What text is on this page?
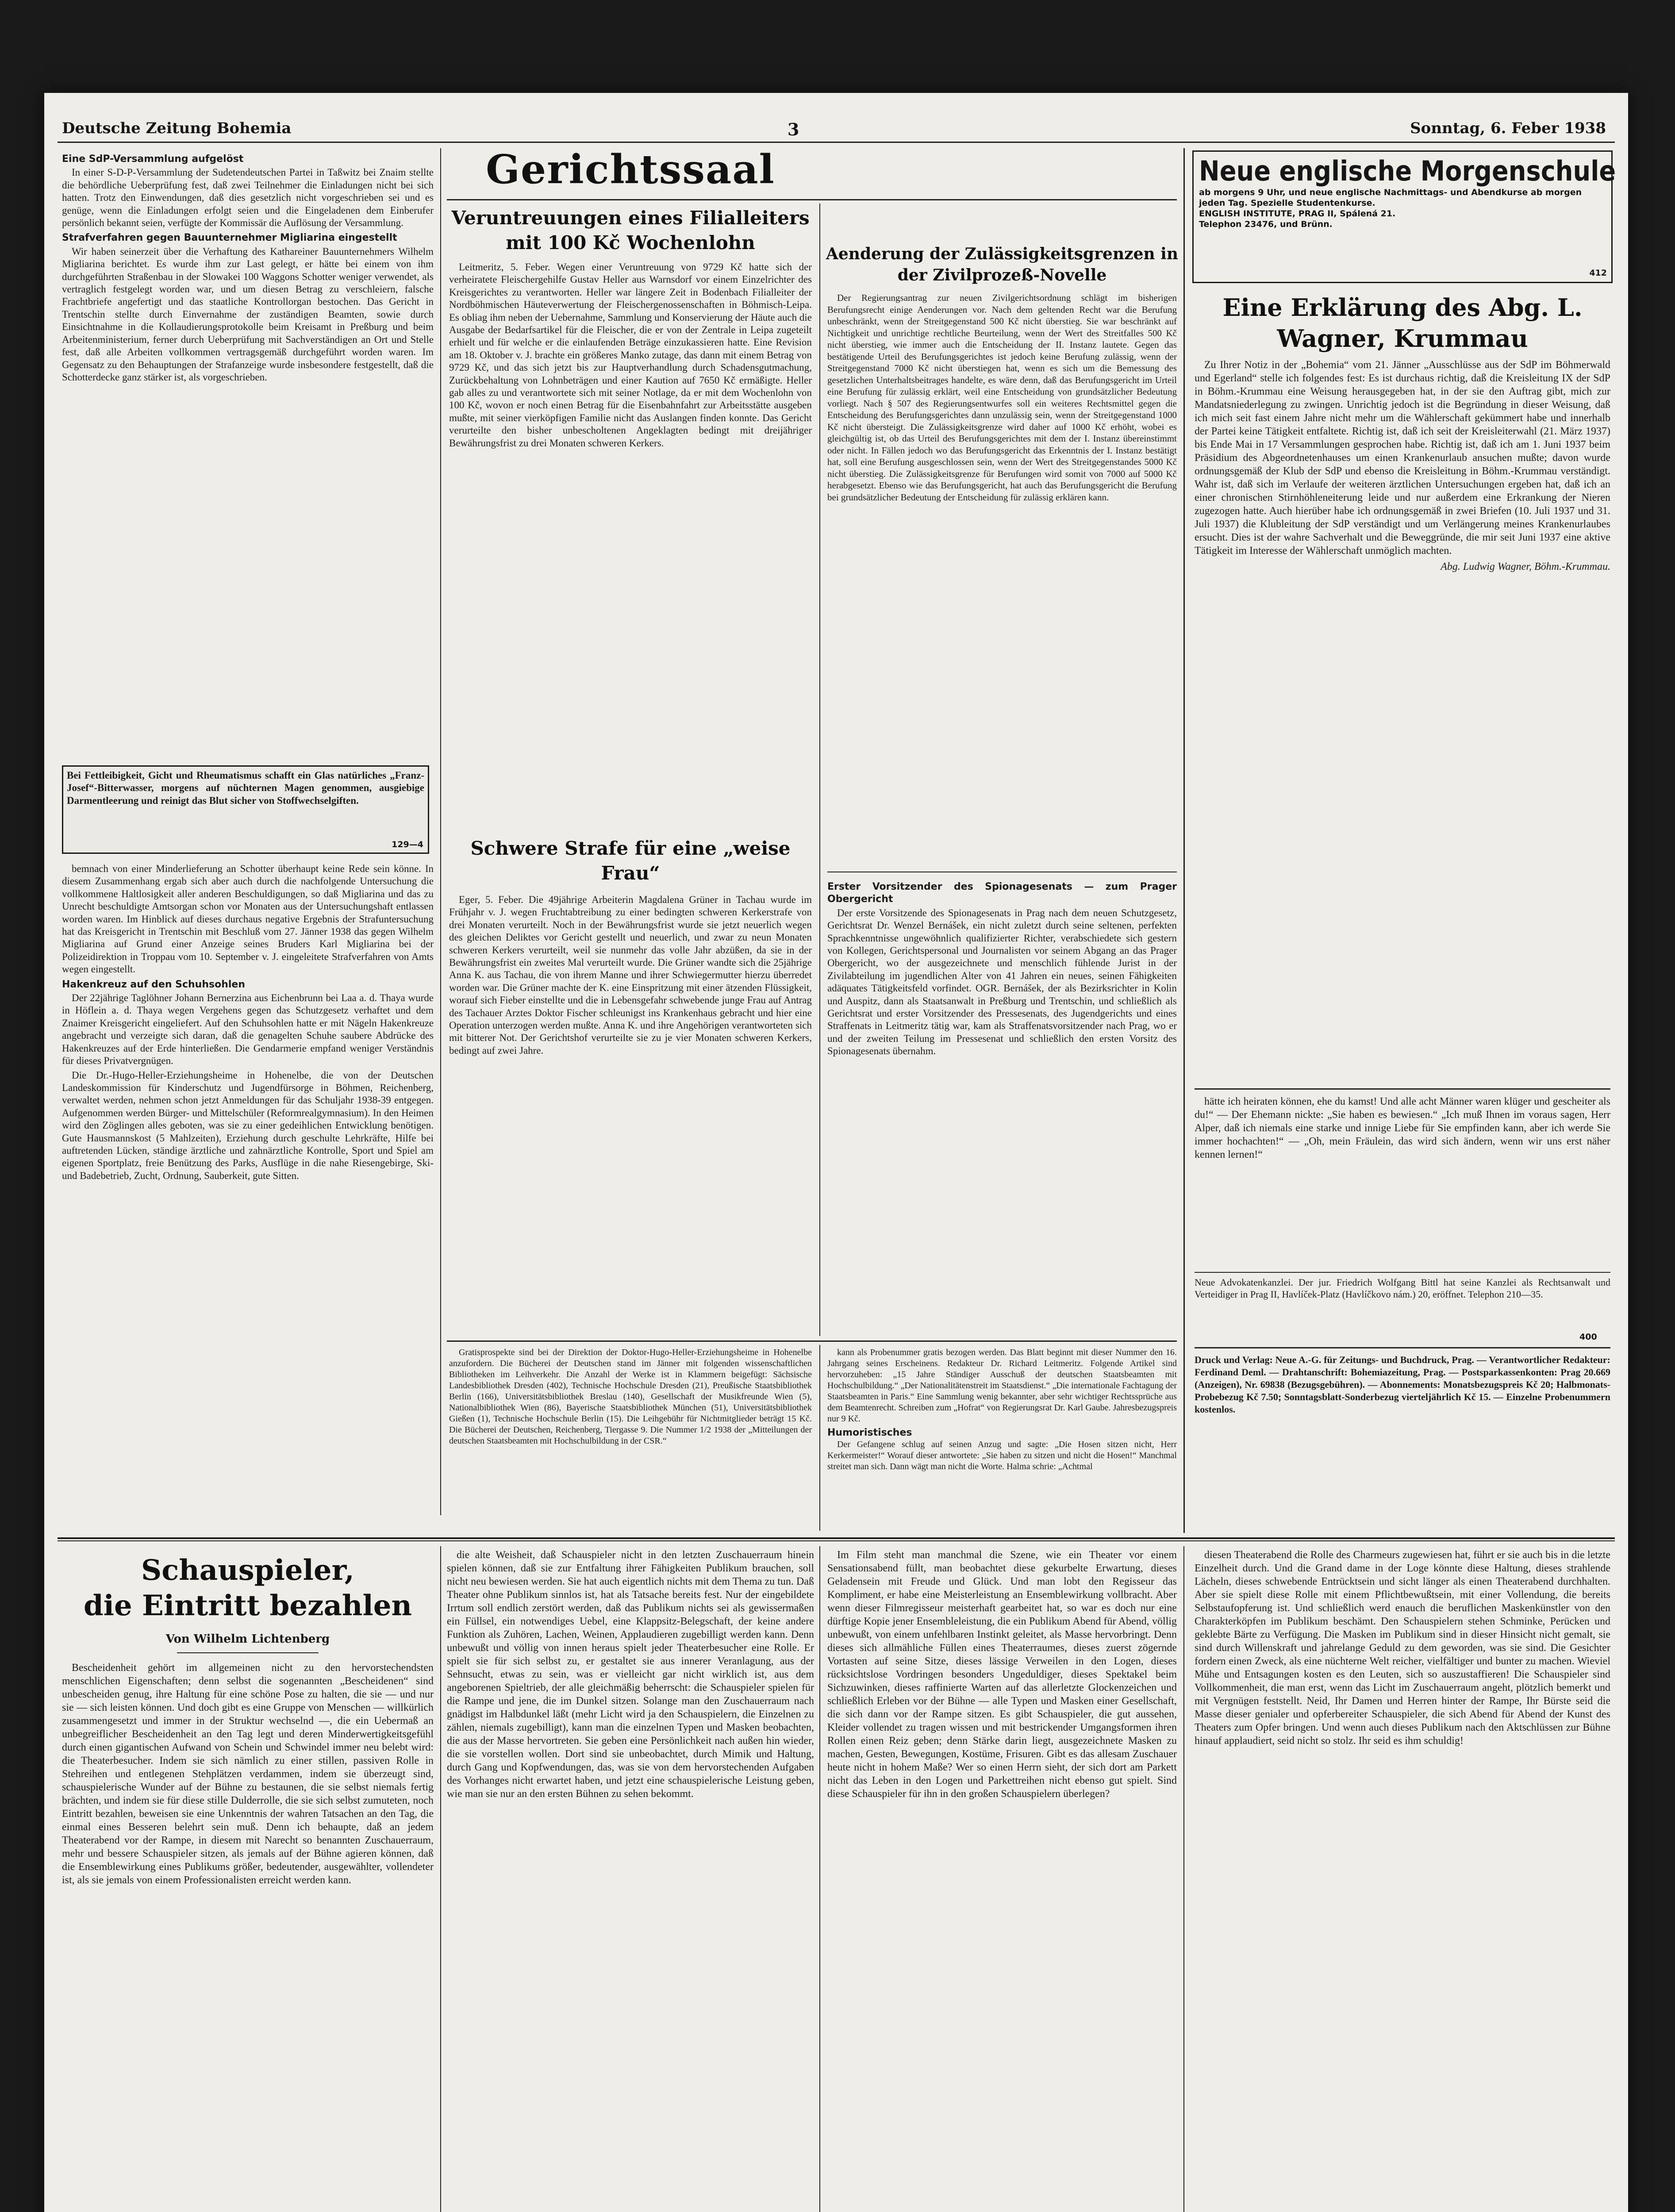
Deutsche Zeitung Bohemia	3	Sonntag, 6. Feber 1938
Eine SdP-Versammlung aufgelöst

In einer S-D-P-Versammlung der Sudetendeutschen Partei in Taßwitz bei Znaim stellte die behördliche Ueberprüfung fest, daß zwei Teilnehmer die Einladungen nicht bei sich hatten. Trotz den Einwendungen, daß dies gesetzlich nicht vorgeschrieben sei und es genüge, wenn die Einladungen erfolgt seien und die Eingeladenen dem Einberufer persönlich bekannt seien, verfügte der Kommissär die Auflösung der Versammlung.

Strafverfahren gegen Bauunternehmer Migliarina eingestellt

Wir haben seinerzeit über die Verhaftung des Kathareiner Bauunternehmers Wilhelm Migliarina berichtet. Es wurde ihm zur Last gelegt, er hätte bei einem von ihm durchgeführten Straßenbau in der Slowakei 100 Waggons Schotter weniger verwendet, als vertraglich festgelegt worden war, und um diesen Betrag zu verschleiern, falsche Frachtbriefe angefertigt und das staatliche Kontrollorgan bestochen. Das Gericht in Trentschin stellte durch Einvernahme der zuständigen Beamten, sowie durch Einsichtnahme in die Kollaudierungsprotokolle beim Kreisamt in Preßburg und beim Arbeitenministerium, ferner durch Ueberprüfung mit Sachverständigen an Ort und Stelle fest, daß alle Arbeiten vollkommen vertragsgemäß durchgeführt worden waren. Im Gegensatz zu den Behauptungen der Strafanzeige wurde insbesondere festgestellt, daß die Schotterdecke ganz stärker ist, als vorgeschrieben.

Bei Fettleibigkeit, Gicht und Rheumatismus schafft ein Glas natürliches „Franz-Josef“-Bitterwasser, morgens auf nüchternen Magen genommen, ausgiebige Darmentleerung und reinigt das Blut sicher von Stoffwechselgiften.
129—4

bemnach von einer Minderlieferung an Schotter überhaupt keine Rede sein könne. In diesem Zusammenhang ergab sich aber auch durch die nachfolgende Untersuchung die vollkommene Haltlosigkeit aller anderen Beschuldigungen, so daß Migliarina und das zu Unrecht beschuldigte Amtsorgan schon vor Monaten aus der Untersuchungshaft entlassen worden waren. Im Hinblick auf dieses durchaus negative Ergebnis der Strafuntersuchung hat das Kreisgericht in Trentschin mit Beschluß vom 27. Jänner 1938 das gegen Wilhelm Migliarina auf Grund einer Anzeige seines Bruders Karl Migliarina bei der Polizeidirektion in Troppau vom 10. September v. J. eingeleitete Strafverfahren von Amts wegen eingestellt.

Hakenkreuz auf den Schuhsohlen

Der 22jährige Taglöhner Johann Bernerzina aus Eichenbrunn bei Laa a. d. Thaya wurde in Höflein a. d. Thaya wegen Vergehens gegen das Schutzgesetz verhaftet und dem Znaimer Kreisgericht eingeliefert. Auf den Schuhsohlen hatte er mit Nägeln Hakenkreuze angebracht und verzeigte sich daran, daß die genagelten Schuhe saubere Abdrücke des Hakenkreuzes auf der Erde hinterließen. Die Gendarmerie empfand weniger Verständnis für dieses Privatvergnügen.

Die Dr.-Hugo-Heller-Erziehungsheime in Hohenelbe, die von der Deutschen Landeskommission für Kinderschutz und Jugendfürsorge in Böhmen, Reichenberg, verwaltet werden, nehmen schon jetzt Anmeldungen für das Schuljahr 1938-39 entgegen. Aufgenommen werden Bürger- und Mittelschüler (Reformrealgymnasium). In den Heimen wird den Zöglingen alles geboten, was sie zu einer gedeihlichen Entwicklung benötigen. Gute Hausmannskost (5 Mahlzeiten), Erziehung durch geschulte Lehrkräfte, Hilfe bei auftretenden Lücken, ständige ärztliche und zahnärztliche Kontrolle, Sport und Spiel am eigenen Sportplatz, freie Benützung des Parks, Ausflüge in die nahe Riesengebirge, Ski- und Badebetrieb, Zucht, Ordnung, Sauberkeit, gute Sitten.

Gerichtssaal
Veruntreuungen eines Filialleiters mit 100 Kč Wochenlohn

Leitmeritz, 5. Feber. Wegen einer Veruntreuung von 9729 Kč hatte sich der verheiratete Fleischergehilfe Gustav Heller aus Warnsdorf vor einem Einzelrichter des Kreisgerichtes zu verantworten. Heller war längere Zeit in Bodenbach Filialleiter der Nordböhmischen Häuteverwertung der Fleischergenossenschaften in Böhmisch-Leipa. Es obliag ihm neben der Uebernahme, Sammlung und Konservierung der Häute auch die Ausgabe der Bedarfsartikel für die Fleischer, die er von der Zentrale in Leipa zugeteilt erhielt und für welche er die einlaufenden Beträge einzukassieren hatte. Eine Revision am 18. Oktober v. J. brachte ein größeres Manko zutage, das dann mit einem Betrag von 9729 Kč, und das sich jetzt bis zur Hauptverhandlung durch Schadensgutmachung, Zurückbehaltung von Lohnbeträgen und einer Kaution auf 7650 Kč ermäßigte. Heller gab alles zu und verantwortete sich mit seiner Notlage, da er mit dem Wochenlohn von 100 Kč, wovon er noch einen Betrag für die Eisenbahnfahrt zur Arbeitsstätte ausgeben mußte, mit seiner vierköpfigen Familie nicht das Auslangen finden konnte. Das Gericht verurteilte den bisher unbescholtenen Angeklagten bedingt mit dreijähriger Bewährungsfrist zu drei Monaten schweren Kerkers.

Schwere Strafe für eine „weise Frau“

Eger, 5. Feber. Die 49jährige Arbeiterin Magdalena Grüner in Tachau wurde im Frühjahr v. J. wegen Fruchtabtreibung zu einer bedingten schweren Kerkerstrafe von drei Monaten verurteilt. Noch in der Bewährungsfrist wurde sie jetzt neuerlich wegen des gleichen Deliktes vor Gericht gestellt und neuerlich, und zwar zu neun Monaten schweren Kerkers verurteilt, weil sie nunmehr das volle Jahr abzüßen, da sie in der Bewährungsfrist ein zweites Mal verurteilt wurde. Die Grüner wandte sich die 25jährige Anna K. aus Tachau, die von ihrem Manne und ihrer Schwiegermutter hierzu überredet worden war. Die Grüner machte der K. eine Einspritzung mit einer ätzenden Flüssigkeit, worauf sich Fieber einstellte und die in Lebensgefahr schwebende junge Frau auf Antrag des Tachauer Arztes Doktor Fischer schleunigst ins Krankenhaus gebracht und hier eine Operation unterzogen werden mußte. Anna K. und ihre Angehörigen verantworteten sich mit bitterer Not. Der Gerichtshof verurteilte sie zu je vier Monaten schweren Kerkers, bedingt auf zwei Jahre.

Aenderung der Zulässigkeitsgrenzen in der Zivilprozeß-Novelle

Der Regierungsantrag zur neuen Zivilgerichtsordnung schlägt im bisherigen Berufungsrecht einige Aenderungen vor. Nach dem geltenden Recht war die Berufung unbeschränkt, wenn der Streitgegenstand 500 Kč nicht überstieg. Sie war beschränkt auf Nichtigkeit und unrichtige rechtliche Beurteilung, wenn der Wert des Streitfalles 500 Kč nicht überstieg, wie immer auch die Entscheidung der II. Instanz lautete. Gegen das bestätigende Urteil des Berufungsgerichtes ist jedoch keine Berufung zulässig, wenn der Streitgegenstand 7000 Kč nicht überstiegen hat, wenn es sich um die Bemessung des gesetzlichen Unterhaltsbeitrages handelte, es wäre denn, daß das Berufungsgericht im Urteil eine Berufung für zulässig erklärt, weil eine Entscheidung von grundsätzlicher Bedeutung vorliegt. Nach § 507 des Regierungsentwurfes soll ein weiteres Rechtsmittel gegen die Entscheidung des Berufungsgerichtes dann unzulässig sein, wenn der Streitgegenstand 1000 Kč nicht übersteigt. Die Zulässigkeitsgrenze wird daher auf 1000 Kč erhöht, wobei es gleichgültig ist, ob das Urteil des Berufungsgerichtes mit dem der I. Instanz übereinstimmt oder nicht. In Fällen jedoch wo das Berufungsgericht das Erkenntnis der I. Instanz bestätigt hat, soll eine Berufung ausgeschlossen sein, wenn der Wert des Streitgegenstandes 5000 Kč nicht überstieg. Die Zulässigkeitsgrenze für Berufungen wird somit von 7000 auf 5000 Kč herabgesetzt. Ebenso wie das Berufungsgericht, hat auch das Berufungsgericht die Berufung bei grundsätzlicher Bedeutung der Entscheidung für zulässig erklären kann.

Erster Vorsitzender des Spionagesenats — zum Prager Obergericht

Der erste Vorsitzende des Spionagesenats in Prag nach dem neuen Schutzgesetz, Gerichtsrat Dr. Wenzel Bernášek, ein nicht zuletzt durch seine seltenen, perfekten Sprachkenntnisse ungewöhnlich qualifizierter Richter, verabschiedete sich gestern von Kollegen, Gerichtspersonal und Journalisten vor seinem Abgang an das Prager Obergericht, wo der ausgezeichnete und menschlich fühlende Jurist in der Zivilabteilung im jugendlichen Alter von 41 Jahren ein neues, seinen Fähigkeiten adäquates Tätigkeitsfeld vorfindet. OGR. Bernášek, der als Bezirksrichter in Kolin und Auspitz, dann als Staatsanwalt in Preßburg und Trentschin, und schließlich als Gerichtsrat und erster Vorsitzender des Pressesenats, des Jugendgerichts und eines Straffenats in Leitmeritz tätig war, kam als Straffenatsvorsitzender nach Prag, wo er und der zweiten Teilung im Pressesenat und schließlich den ersten Vorsitz des Spionagesenats übernahm.

Gratisprospekte sind bei der Direktion der Doktor-Hugo-Heller-Erziehungsheime in Hohenelbe anzufordern. Die Bücherei der Deutschen stand im Jänner mit folgenden wissenschaftlichen Bibliotheken im Leihverkehr. Die Anzahl der Werke ist in Klammern beigefügt: Sächsische Landesbibliothek Dresden (402), Technische Hochschule Dresden (21), Preußische Staatsbibliothek Berlin (166), Universitätsbibliothek Breslau (140), Gesellschaft der Musikfreunde Wien (5), Nationalbibliothek Wien (86), Bayerische Staatsbibliothek München (51), Universitätsbibliothek Gießen (1), Technische Hochschule Berlin (15). Die Leihgebühr für Nichtmitglieder beträgt 15 Kč. Die Bücherei der Deutschen, Reichenberg, Tiergasse 9. Die Nummer 1/2 1938 der „Mitteilungen der deutschen Staatsbeamten mit Hochschulbildung in der CSR.“

kann als Probenummer gratis bezogen werden. Das Blatt beginnt mit dieser Nummer den 16. Jahrgang seines Erscheinens. Redakteur Dr. Richard Leitmeritz. Folgende Artikel sind hervorzuheben: „15 Jahre Ständiger Ausschuß der deutschen Staatsbeamten mit Hochschulbildung.“ „Der Nationalitätenstreit im Staatsdienst.“ „Die internationale Fachtagung der Staatsbeamten in Paris.“ Eine Sammlung wenig bekannter, aber sehr wichtiger Rechtssprüche aus dem Beamtenrecht. Schreiben zum „Hofrat“ von Regierungsrat Dr. Karl Gaube. Jahresbezugspreis nur 9 Kč.

Humoristisches

Der Gefangene schlug auf seinen Anzug und sagte: „Die Hosen sitzen nicht, Herr Kerkermeister!“ Worauf dieser antwortete: „Sie haben zu sitzen und nicht die Hosen!“ Manchmal streitet man sich. Dann wägt man nicht die Worte. Halma schrie: „Achtmal

Neue englische Morgenschule
ab morgens 9 Uhr, und neue englische Nachmittags- und Abendkurse ab morgen jeden Tag. Spezielle Studentenkurse.
ENGLISH INSTITUTE, PRAG II, Spálená 21.
Telephon 23476, und Brünn.
412
Eine Erklärung des Abg. L. Wagner, Krummau

Zu Ihrer Notiz in der „Bohemia“ vom 21. Jänner „Ausschlüsse aus der SdP im Böhmerwald und Egerland“ stelle ich folgendes fest: Es ist durchaus richtig, daß die Kreisleitung IX der SdP in Böhm.-Krummau eine Weisung herausgegeben hat, in der sie den Auftrag gibt, mich zur Mandatsniederlegung zu zwingen. Unrichtig jedoch ist die Begründung in dieser Weisung, daß ich mich seit fast einem Jahre nicht mehr um die Wählerschaft gekümmert habe und innerhalb der Partei keine Tätigkeit entfaltete. Richtig ist, daß ich seit der Kreisleiterwahl (21. März 1937) bis Ende Mai in 17 Versammlungen gesprochen habe. Richtig ist, daß ich am 1. Juni 1937 beim Präsidium des Abgeordnetenhauses um einen Krankenurlaub ansuchen mußte; davon wurde ordnungsgemäß der Klub der SdP und ebenso die Kreisleitung in Böhm.-Krummau verständigt. Wahr ist, daß sich im Verlaufe der weiteren ärztlichen Untersuchungen ergeben hat, daß ich an einer chronischen Stirnhöhleneiterung leide und nur außerdem eine Erkrankung der Nieren zugezogen hatte. Auch hierüber habe ich ordnungsgemäß in zwei Briefen (10. Juli 1937 und 31. Juli 1937) die Klubleitung der SdP verständigt und um Verlängerung meines Krankenurlaubes ersucht. Dies ist der wahre Sachverhalt und die Beweggründe, die mir seit Juni 1937 eine aktive Tätigkeit im Interesse der Wählerschaft unmöglich machten.

Abg. Ludwig Wagner, Böhm.-Krummau.

hätte ich heiraten können, ehe du kamst! Und alle acht Männer waren klüger und gescheiter als du!“ — Der Ehemann nickte: „Sie haben es bewiesen.“ „Ich muß Ihnen im voraus sagen, Herr Alper, daß ich niemals eine starke und innige Liebe für Sie empfinden kann, aber ich werde Sie immer hochachten!“ — „Oh, mein Fräulein, das wird sich ändern, wenn wir uns erst näher kennen lernen!“

Neue Advokatenkanzlei. Der jur. Friedrich Wolfgang Bittl hat seine Kanzlei als Rechtsanwalt und Verteidiger in Prag II, Havlíček-Platz (Havlíčkovo nám.) 20, eröffnet. Telephon 210—35.

400

Druck und Verlag: Neue A.-G. für Zeitungs- und Buchdruck, Prag. — Verantwortlicher Redakteur: Ferdinand Deml. — Drahtanschrift: Bohemiazeitung, Prag. — Postsparkassenkonten: Prag 20.669 (Anzeigen), Nr. 69838 (Bezugsgebühren). — Abonnements: Monatsbezugspreis Kč 20; Halbmonats-Probebezug Kč 7.50; Sonntagsblatt-Sonderbezug vierteljährlich Kč 15. — Einzelne Probenummern kostenlos.

Schauspieler,
die Eintritt bezahlen
Von Wilhelm Lichtenberg

Bescheidenheit gehört im allgemeinen nicht zu den hervorstechendsten menschlichen Eigenschaften; denn selbst die sogenannten „Bescheidenen“ sind unbescheiden genug, ihre Haltung für eine schöne Pose zu halten, die sie — und nur sie — sich leisten können. Und doch gibt es eine Gruppe von Menschen — willkürlich zusammengesetzt und immer in der Struktur wechselnd —, die ein Uebermaß an unbegreiflicher Bescheidenheit an den Tag legt und deren Minderwertigkeitsgefühl durch einen gigantischen Aufwand von Schein und Schwindel immer neu belebt wird: die Theaterbesucher. Indem sie sich nämlich zu einer stillen, passiven Rolle in Stehreihen und entlegenen Stehplätzen verdammen, indem sie überzeugt sind, schauspielerische Wunder auf der Bühne zu bestaunen, die sie selbst niemals fertig brächten, und indem sie für diese stille Dulderrolle, die sie sich selbst zumuteten, noch Eintritt bezahlen, beweisen sie eine Unkenntnis der wahren Tatsachen an den Tag, die einmal eines Besseren belehrt sein muß. Denn ich behaupte, daß an jedem Theaterabend vor der Rampe, in diesem mit Narecht so benannten Zuschauerraum, mehr und bessere Schauspieler sitzen, als jemals auf der Bühne agieren können, daß die Ensemblewirkung eines Publikums größer, bedeutender, ausgewählter, vollendeter ist, als sie jemals von einem Professionalisten erreicht werden kann.

die alte Weisheit, daß Schauspieler nicht in den letzten Zuschauerraum hinein spielen können, daß sie zur Entfaltung ihrer Fähigkeiten Publikum brauchen, soll nicht neu bewiesen werden. Sie hat auch eigentlich nichts mit dem Thema zu tun. Daß Theater ohne Publikum sinnlos ist, hat als Tatsache bereits fest. Nur der eingebildete Irrtum soll endlich zerstört werden, daß das Publikum nichts sei als gewissermaßen ein Füllsel, ein notwendiges Uebel, eine Klappsitz-Belegschaft, der keine andere Funktion als Zuhören, Lachen, Weinen, Applaudieren zugebilligt werden kann. Denn unbewußt und völlig von innen heraus spielt jeder Theaterbesucher eine Rolle. Er spielt sie für sich selbst zu, er gestaltet sie aus innerer Veranlagung, aus der Sehnsucht, etwas zu sein, was er vielleicht gar nicht wirklich ist, aus dem angeborenen Spieltrieb, der alle gleichmäßig beherrscht: die Schauspieler spielen für die Rampe und jene, die im Dunkel sitzen. Solange man den Zuschauerraum nach gnädigst im Halbdunkel läßt (mehr Licht wird ja den Schauspielern, die Einzelnen zu zählen, niemals zugebilligt), kann man die einzelnen Typen und Masken beobachten, die aus der Masse hervortreten. Sie geben eine Persönlichkeit nach außen hin wieder, die sie vorstellen wollen. Dort sind sie unbeobachtet, durch Mimik und Haltung, durch Gang und Kopfwendungen, das, was sie von dem hervorstechenden Aufgaben des Vorhanges nicht erwartet haben, und jetzt eine schauspielerische Leistung geben, wie man sie nur an den ersten Bühnen zu sehen bekommt.

Im Film steht man manchmal die Szene, wie ein Theater vor einem Sensationsabend füllt, man beobachtet diese gekurbelte Erwartung, dieses Geladensein mit Freude und Glück. Und man lobt den Regisseur das Kompliment, er habe eine Meisterleistung an Ensemblewirkung vollbracht. Aber wenn dieser Filmregisseur meisterhaft gearbeitet hat, so war es doch nur eine dürftige Kopie jener Ensembleleistung, die ein Publikum Abend für Abend, völlig unbewußt, von einem unfehlbaren Instinkt geleitet, als Masse hervorbringt. Denn dieses sich allmähliche Füllen eines Theaterraumes, dieses zuerst zögernde Vortasten auf seine Sitze, dieses lässige Verweilen in den Logen, dieses rücksichtslose Vordringen besonders Ungeduldiger, dieses Spektakel beim Sichzuwinken, dieses raffinierte Warten auf das allerletzte Glockenzeichen und schließlich Erleben vor der Bühne — alle Typen und Masken einer Gesellschaft, die sich dann vor der Rampe sitzen. Es gibt Schauspieler, die gut aussehen, Kleider vollendet zu tragen wissen und mit bestrickender Umgangsformen ihren Rollen einen Reiz geben; denn Stärke darin liegt, ausgezeichnete Masken zu machen, Gesten, Bewegungen, Kostüme, Frisuren. Gibt es das allesam Zuschauer heute nicht in hohem Maße? Wer so einen Herrn sieht, der sich dort am Parkett nicht das Leben in den Logen und Parkettreihen nicht ebenso gut spielt. Sind diese Schauspieler für ihn in den großen Schauspielern überlegen?

diesen Theaterabend die Rolle des Charmeurs zugewiesen hat, führt er sie auch bis in die letzte Einzelheit durch. Und die Grand dame in der Loge könnte diese Haltung, dieses strahlende Lächeln, dieses schwebende Entrücktsein und sicht länger als einen Theaterabend durchhalten. Aber sie spielt diese Rolle mit einem Pflichtbewußtsein, mit einer Vollendung, die bereits Selbstaufopferung ist. Und schließlich werd enauch die beruflichen Maskenkünstler von den Charakterköpfen im Publikum beschämt. Den Schauspielern stehen Schminke, Perücken und geklebte Bärte zu Verfügung. Die Masken im Publikum sind in dieser Hinsicht nicht gemalt, sie sind durch Willenskraft und jahrelange Geduld zu dem geworden, was sie sind. Die Gesichter fordern einen Zweck, als eine nüchterne Welt reicher, vielfältiger und bunter zu machen. Wieviel Mühe und Entsagungen kosten es den Leuten, sich so auszustaffieren! Die Schauspieler sind Vollkommenheit, die man erst, wenn das Licht im Zuschauerraum angeht, plötzlich bemerkt und mit Vergnügen feststellt. Neid, Ihr Damen und Herren hinter der Rampe, Ihr Bürste seid die Masse dieser genialer und opferbereiter Schauspieler, die sich Abend für Abend der Kunst des Theaters zum Opfer bringen. Und wenn auch dieses Publikum nach den Aktschlüssen zur Bühne hinauf applaudiert, seid nicht so stolz. Ihr seid es ihm schuldig!
